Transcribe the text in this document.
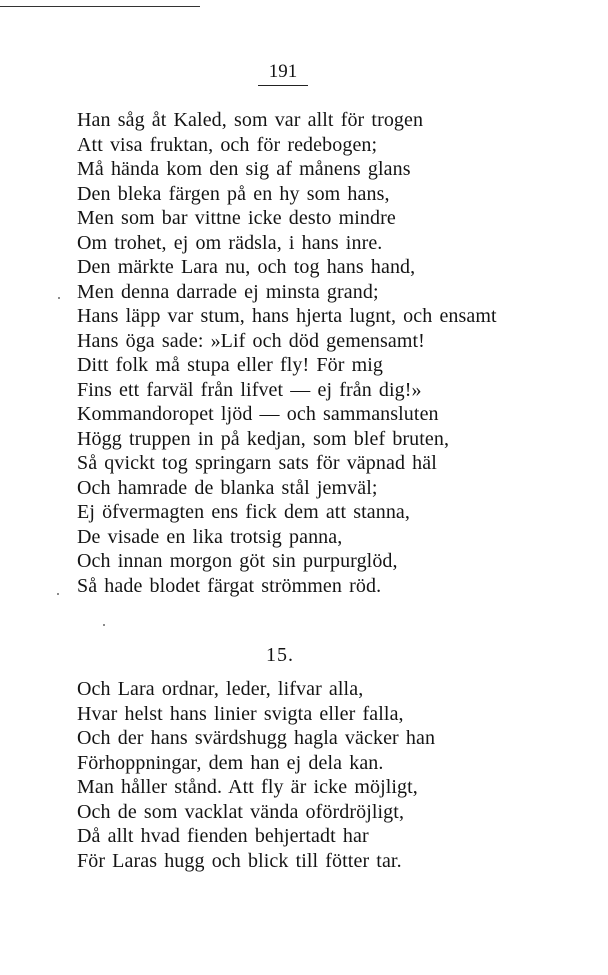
191
Han såg åt Kaled, som var allt för trogen
Att visa fruktan, och för redebogen;
Må hända kom den sig af månens glans
Den bleka färgen på en hy som hans,
Men som bar vittne icke desto mindre
Om trohet, ej om rädsla, i hans inre.
Den märkte Lara nu, och tog hans hand,
Men denna darrade ej minsta grand;
Hans läpp var stum, hans hjerta lugnt, och ensamt
Hans öga sade: »Lif och död gemensamt!
Ditt folk må stupa eller fly! För mig
Fins ett farväl från lifvet — ej från dig!»
Kommandoropet ljöd — och sammansluten
Högg truppen in på kedjan, som blef bruten,
Så qvickt tog springarn sats för väpnad häl
Och hamrade de blanka stål jemväl;
Ej öfvermagten ens fick dem att stanna,
De visade en lika trotsig panna,
Och innan morgon göt sin purpurglöd,
Så hade blodet färgat strömmen röd.
15.
Och Lara ordnar, leder, lifvar alla,
Hvar helst hans linier svigta eller falla,
Och der hans svärdshugg hagla väcker han
Förhoppningar, dem han ej dela kan.
Man håller stånd. Att fly är icke möjligt,
Och de som vacklat vända ofördröjligt,
Då allt hvad fienden behjertadt har
För Laras hugg och blick till fötter tar.
